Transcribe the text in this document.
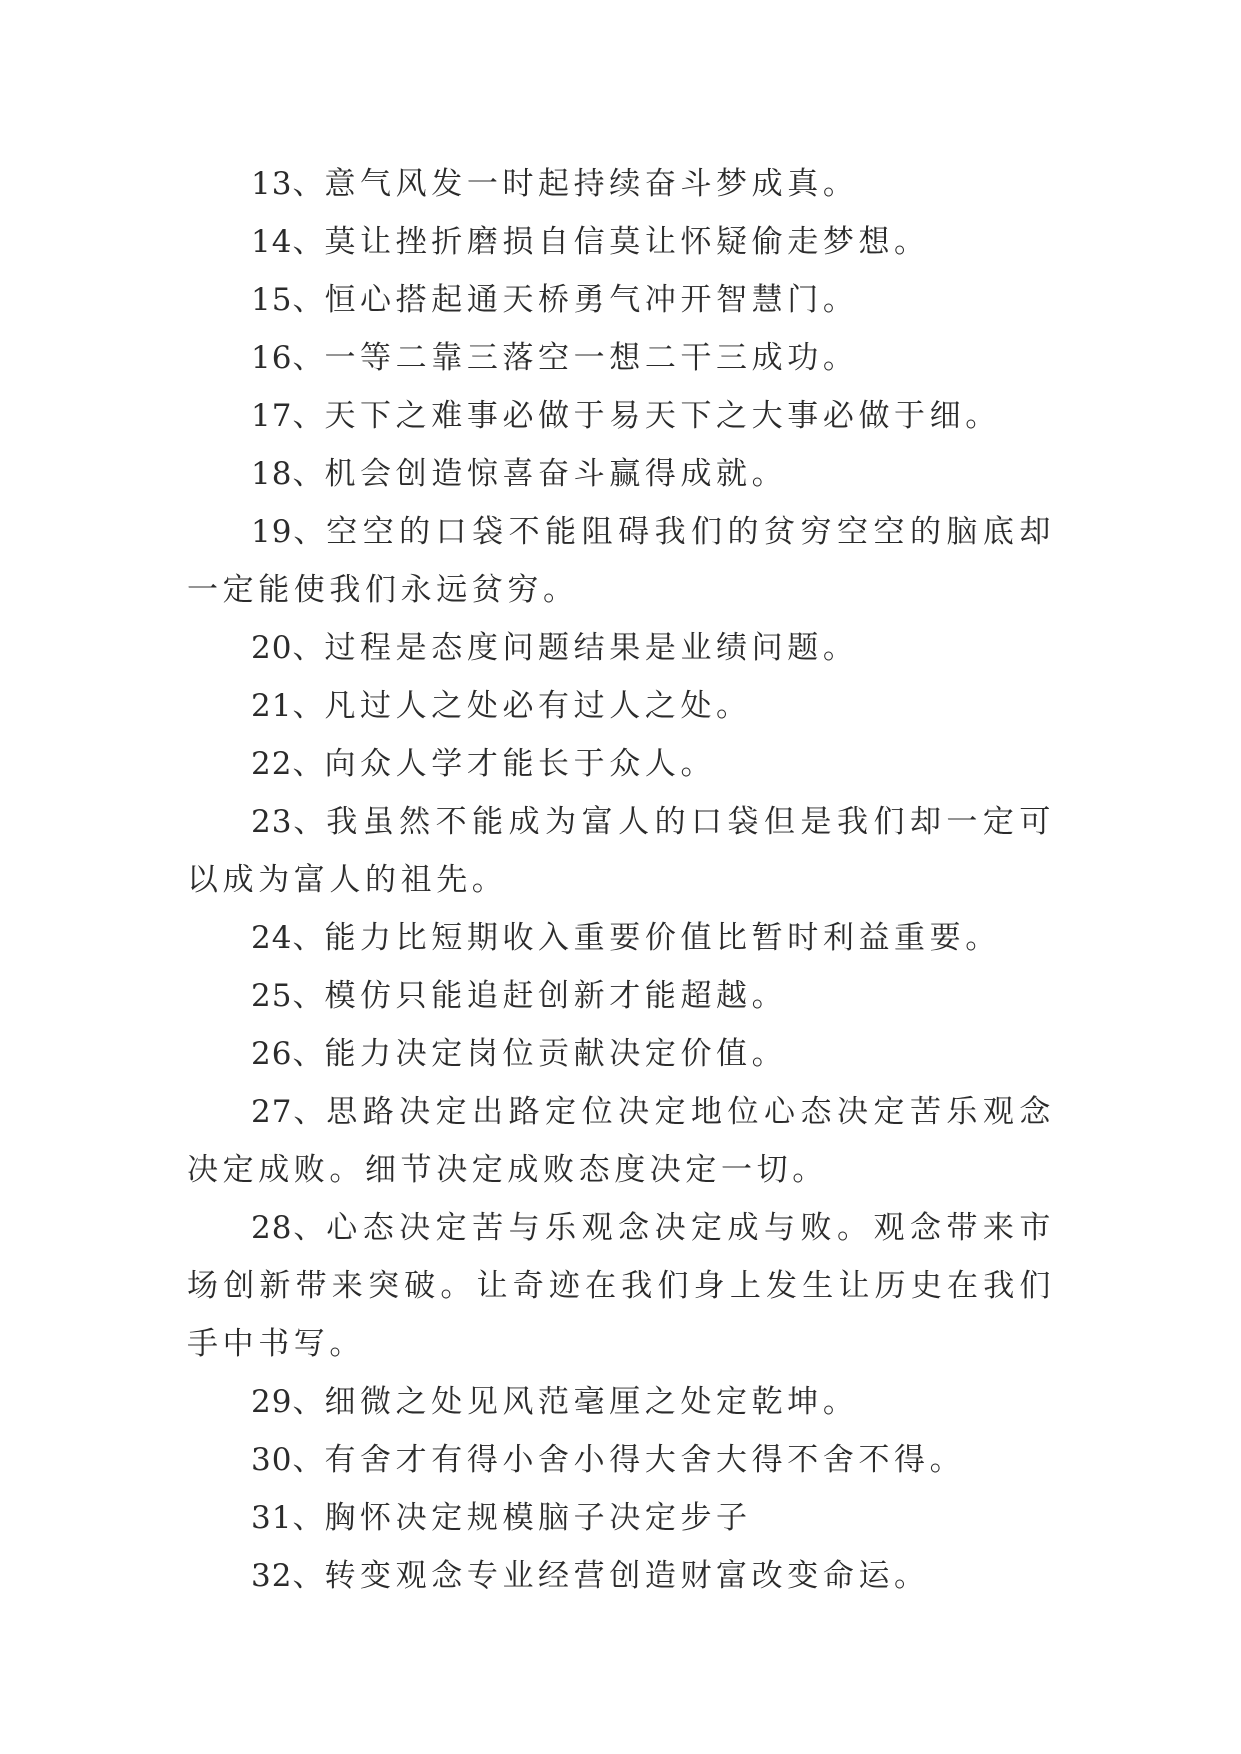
13、意气风发一时起持续奋斗梦成真。

14、莫让挫折磨损自信莫让怀疑偷走梦想。

15、恒心搭起通天桥勇气冲开智慧门。

16、一等二靠三落空一想二干三成功。

17、天下之难事必做于易天下之大事必做于细。

18、机会创造惊喜奋斗赢得成就。

19、空空的口袋不能阻碍我们的贫穷空空的脑底却一定能使我们永远贫穷。

20、过程是态度问题结果是业绩问题。

21、凡过人之处必有过人之处。

22、向众人学才能长于众人。

23、我虽然不能成为富人的口袋但是我们却一定可以成为富人的祖先。

24、能力比短期收入重要价值比暂时利益重要。

25、模仿只能追赶创新才能超越。

26、能力决定岗位贡献决定价值。

27、思路决定出路定位决定地位心态决定苦乐观念决定成败。细节决定成败态度决定一切。

28、心态决定苦与乐观念决定成与败。观念带来市场创新带来突破。让奇迹在我们身上发生让历史在我们手中书写。

29、细微之处见风范毫厘之处定乾坤。

30、有舍才有得小舍小得大舍大得不舍不得。

31、胸怀决定规模脑子决定步子

32、转变观念专业经营创造财富改变命运。
